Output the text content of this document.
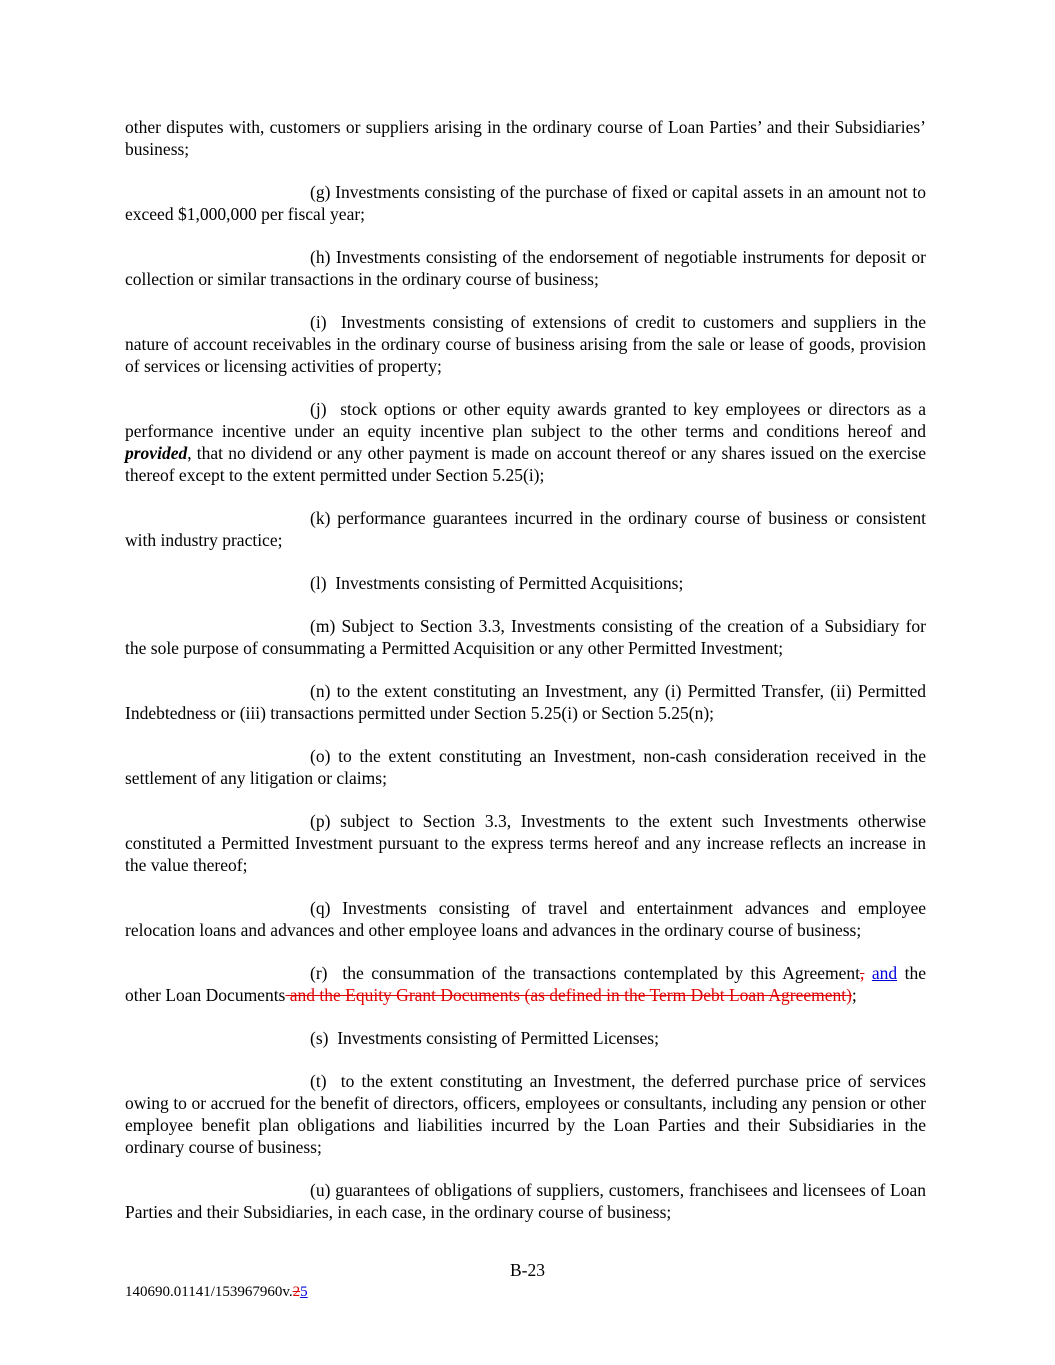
other disputes with, customers or suppliers arising in the ordinary course of Loan Parties’ and their Subsidiaries’ business;

(g) Investments consisting of the purchase of fixed or capital assets in an amount not to exceed $1,000,000 per fiscal year;

(h) Investments consisting of the endorsement of negotiable instruments for deposit or collection or similar transactions in the ordinary course of business;

(i)  Investments consisting of extensions of credit to customers and suppliers in the nature of account receivables in the ordinary course of business arising from the sale or lease of goods, provision of services or licensing activities of property;

(j)  stock options or other equity awards granted to key employees or directors as a performance incentive under an equity incentive plan subject to the other terms and conditions hereof and provided, that no dividend or any other payment is made on account thereof or any shares issued on the exercise thereof except to the extent permitted under Section 5.25(i);

(k) performance guarantees incurred in the ordinary course of business or consistent with industry practice;

(l)  Investments consisting of Permitted Acquisitions;

(m) Subject to Section 3.3, Investments consisting of the creation of a Subsidiary for the sole purpose of consummating a Permitted Acquisition or any other Permitted Investment;

(n) to the extent constituting an Investment, any (i) Permitted Transfer, (ii) Permitted Indebtedness or (iii) transactions permitted under Section 5.25(i) or Section 5.25(n);

(o) to the extent constituting an Investment, non-cash consideration received in the settlement of any litigation or claims;

(p) subject to Section 3.3, Investments to the extent such Investments otherwise constituted a Permitted Investment pursuant to the express terms hereof and any increase reflects an increase in the value thereof;

(q) Investments consisting of travel and entertainment advances and employee relocation loans and advances and other employee loans and advances in the ordinary course of business;

(r)  the consummation of the transactions contemplated by this Agreement, and the other Loan Documents and the Equity Grant Documents (as defined in the Term Debt Loan Agreement);

(s)  Investments consisting of Permitted Licenses;

(t)  to the extent constituting an Investment, the deferred purchase price of services owing to or accrued for the benefit of directors, officers, employees or consultants, including any pension or other employee benefit plan obligations and liabilities incurred by the Loan Parties and their Subsidiaries in the ordinary course of business;

(u) guarantees of obligations of suppliers, customers, franchisees and licensees of Loan Parties and their Subsidiaries, in each case, in the ordinary course of business;

B-23
140690.01141/153967960v.25
